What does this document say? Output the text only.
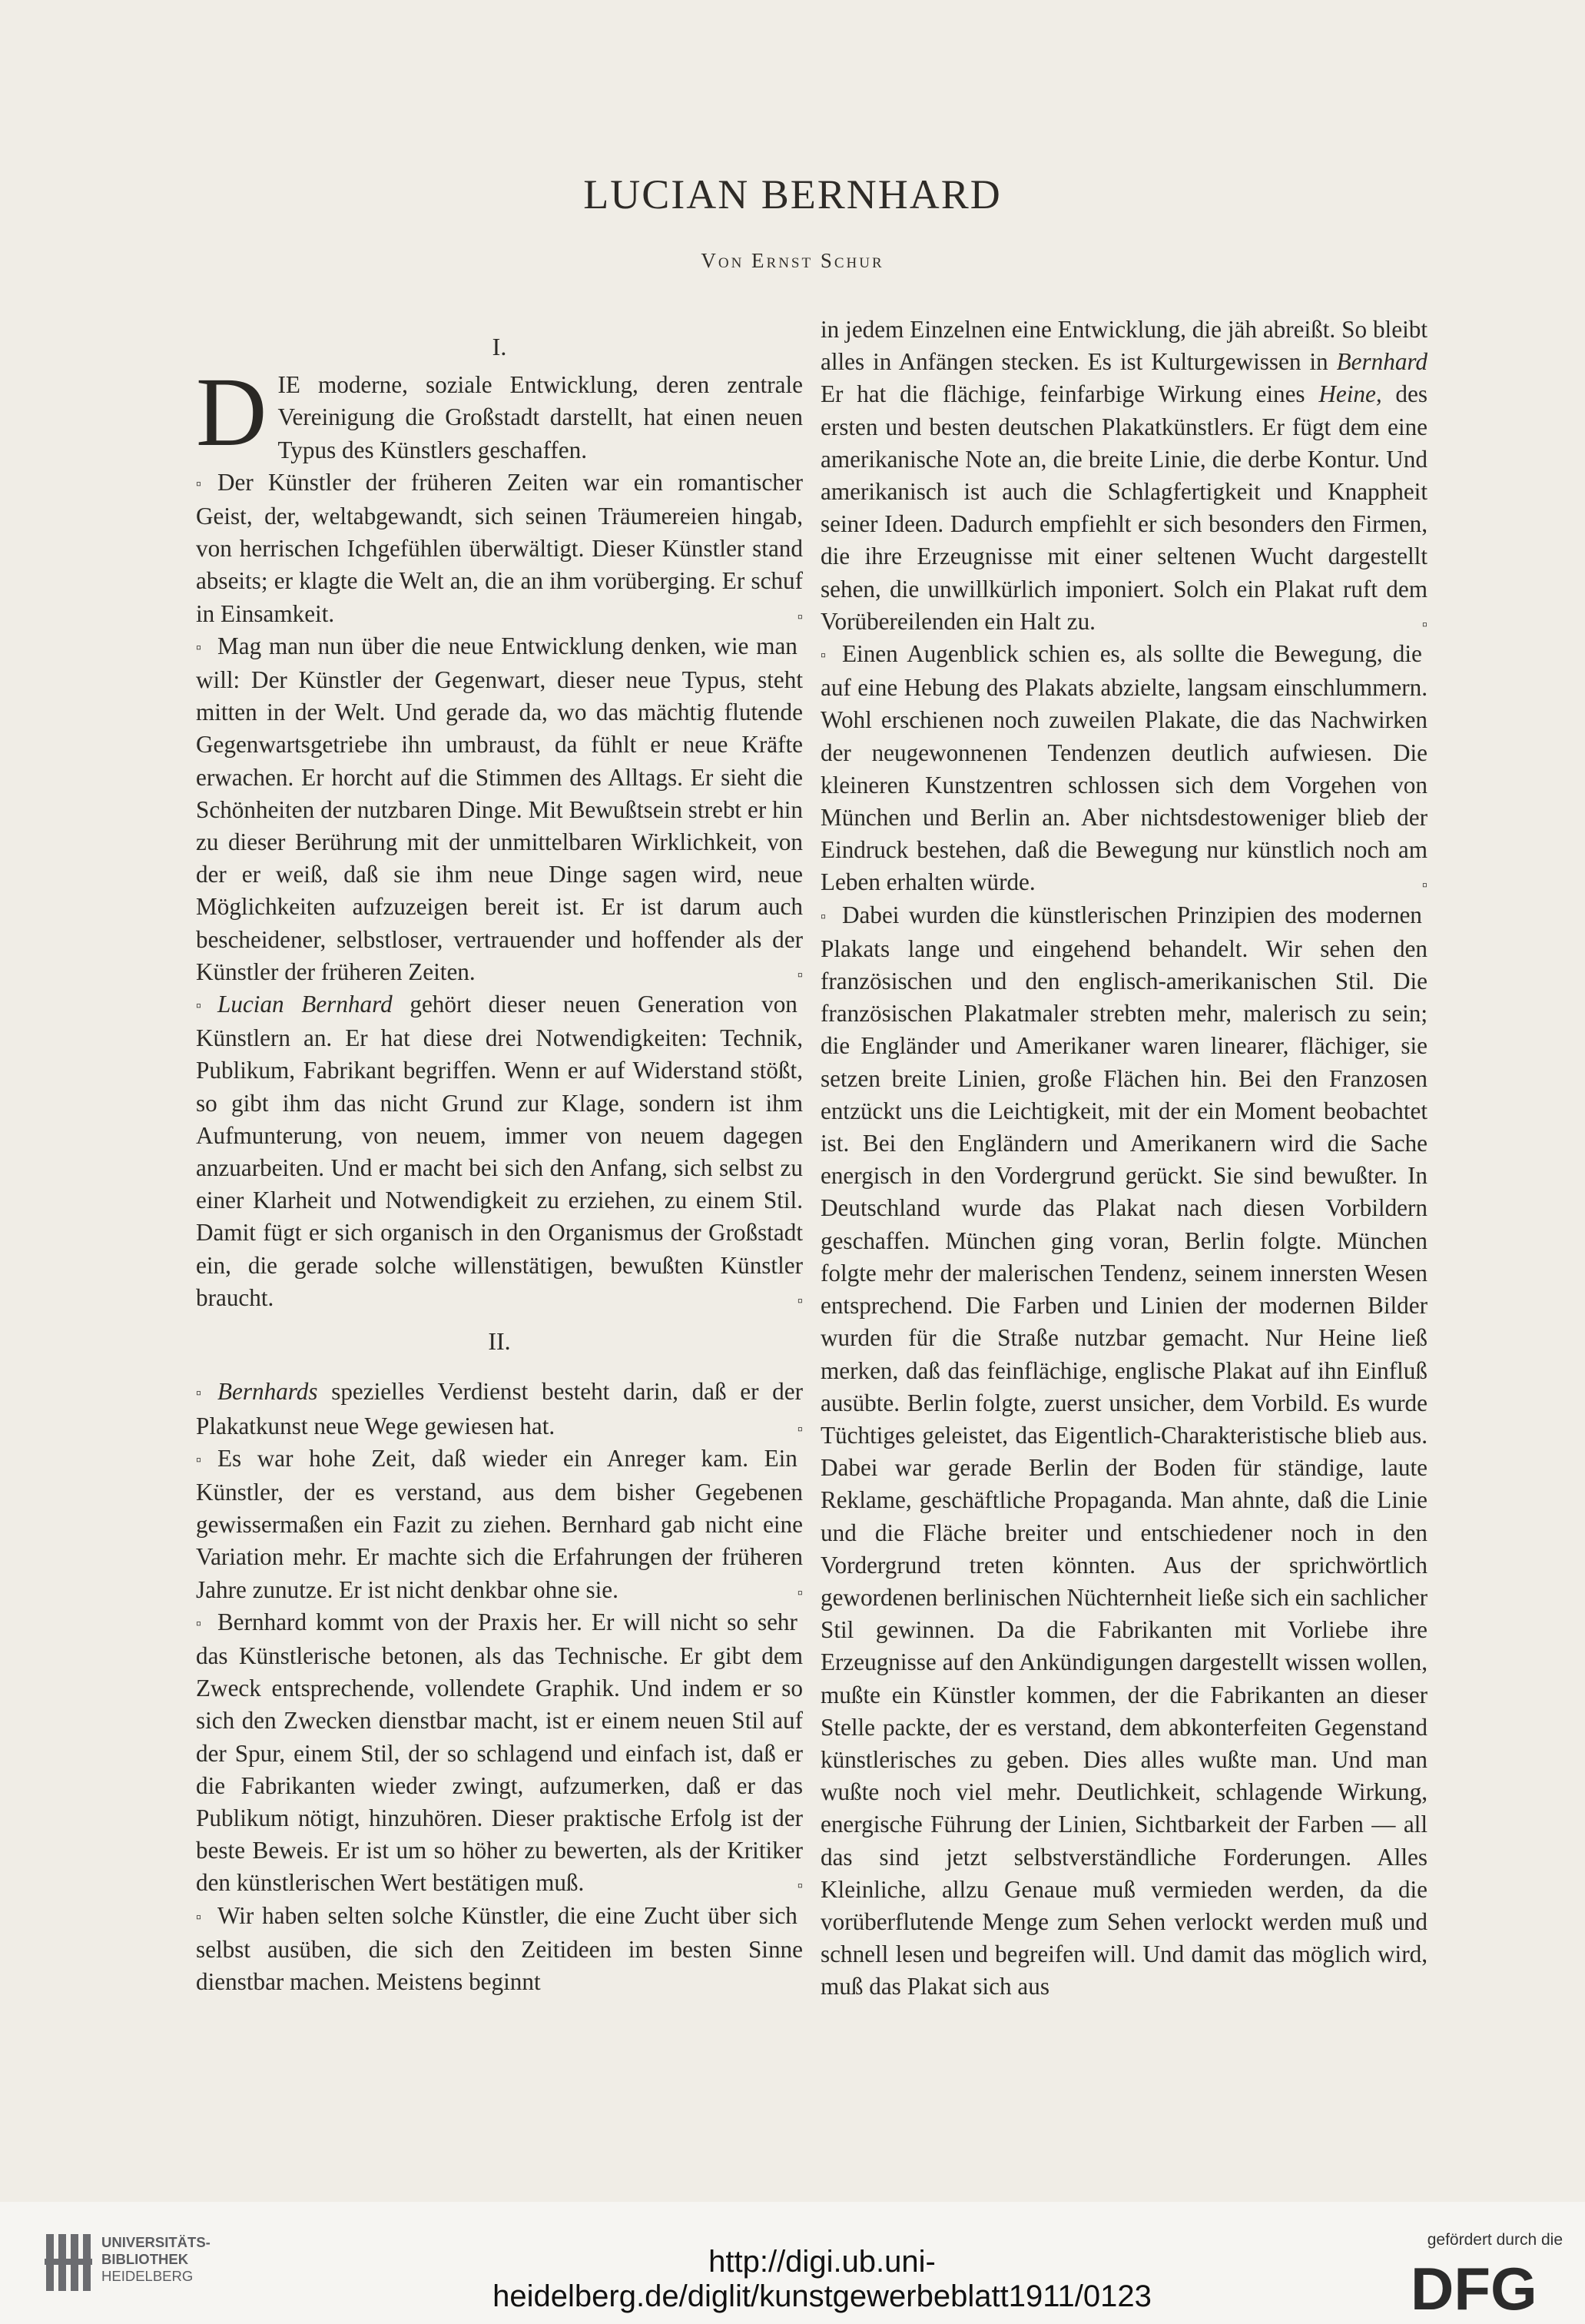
LUCIAN BERNHARD
Von Ernst Schur

I.

DIE moderne, soziale Entwicklung, deren zentrale Vereinigung die Großstadt darstellt, hat einen neuen Typus des Künstlers geschaffen.

▫ Der Künstler der früheren Zeiten war ein romantischer Geist, der, weltabgewandt, sich seinen Träumereien hingab, von herrischen Ichgefühlen überwältigt. Dieser Künstler stand abseits; er klagte die Welt an, die an ihm vorüberging. Er schuf in Einsamkeit.	▫

▫ Mag man nun über die neue Entwicklung denken, wie man will: Der Künstler der Gegenwart, dieser neue Typus, steht mitten in der Welt. Und gerade da, wo das mächtig flutende Gegenwartsgetriebe ihn umbraust, da fühlt er neue Kräfte erwachen. Er horcht auf die Stimmen des Alltags. Er sieht die Schönheiten der nutzbaren Dinge. Mit Bewußtsein strebt er hin zu dieser Berührung mit der unmittelbaren Wirklichkeit, von der er weiß, daß sie ihm neue Dinge sagen wird, neue Möglichkeiten aufzuzeigen bereit ist. Er ist darum auch bescheidener, selbstloser, vertrauender und hoffender als der Künstler der früheren Zeiten.	▫

▫ Lucian Bernhard gehört dieser neuen Generation von Künstlern an. Er hat diese drei Notwendigkeiten: Technik, Publikum, Fabrikant begriffen. Wenn er auf Widerstand stößt, so gibt ihm das nicht Grund zur Klage, sondern ist ihm Aufmunterung, von neuem, immer von neuem dagegen anzuarbeiten. Und er macht bei sich den Anfang, sich selbst zu einer Klarheit und Notwendigkeit zu erziehen, zu einem Stil. Damit fügt er sich organisch in den Organismus der Großstadt ein, die gerade solche willenstätigen, bewußten Künstler braucht.	▫

II.

▫ Bernhards spezielles Verdienst besteht darin, daß er der Plakatkunst neue Wege gewiesen hat.	▫

▫ Es war hohe Zeit, daß wieder ein Anreger kam. Ein Künstler, der es verstand, aus dem bisher Gegebenen gewissermaßen ein Fazit zu ziehen. Bernhard gab nicht eine Variation mehr. Er machte sich die Erfahrungen der früheren Jahre zunutze. Er ist nicht denkbar ohne sie.	▫

▫ Bernhard kommt von der Praxis her. Er will nicht so sehr das Künstlerische betonen, als das Technische. Er gibt dem Zweck entsprechende, vollendete Graphik. Und indem er so sich den Zwecken dienstbar macht, ist er einem neuen Stil auf der Spur, einem Stil, der so schlagend und einfach ist, daß er die Fabrikanten wieder zwingt, aufzumerken, daß er das Publikum nötigt, hinzuhören. Dieser praktische Erfolg ist der beste Beweis. Er ist um so höher zu bewerten, als der Kritiker den künstlerischen Wert bestätigen muß.	▫

▫ Wir haben selten solche Künstler, die eine Zucht über sich selbst ausüben, die sich den Zeitideen im besten Sinne dienstbar machen. Meistens beginnt

in jedem Einzelnen eine Entwicklung, die jäh abreißt. So bleibt alles in Anfängen stecken. Es ist Kulturgewissen in Bernhard Er hat die flächige, feinfarbige Wirkung eines Heine, des ersten und besten deutschen Plakatkünstlers. Er fügt dem eine amerikanische Note an, die breite Linie, die derbe Kontur. Und amerikanisch ist auch die Schlagfertigkeit und Knappheit seiner Ideen. Dadurch empfiehlt er sich besonders den Firmen, die ihre Erzeugnisse mit einer seltenen Wucht dargestellt sehen, die unwillkürlich imponiert. Solch ein Plakat ruft dem Vorübereilenden ein Halt zu.	▫

▫ Einen Augenblick schien es, als sollte die Bewegung, die auf eine Hebung des Plakats abzielte, langsam einschlummern. Wohl erschienen noch zuweilen Plakate, die das Nachwirken der neugewonnenen Tendenzen deutlich aufwiesen. Die kleineren Kunstzentren schlossen sich dem Vorgehen von München und Berlin an. Aber nichtsdestoweniger blieb der Eindruck bestehen, daß die Bewegung nur künstlich noch am Leben erhalten würde.	▫

▫ Dabei wurden die künstlerischen Prinzipien des modernen Plakats lange und eingehend behandelt. Wir sehen den französischen und den englisch-amerikanischen Stil. Die französischen Plakatmaler strebten mehr, malerisch zu sein; die Engländer und Amerikaner waren linearer, flächiger, sie setzen breite Linien, große Flächen hin. Bei den Franzosen entzückt uns die Leichtigkeit, mit der ein Moment beobachtet ist. Bei den Engländern und Amerikanern wird die Sache energisch in den Vordergrund gerückt. Sie sind bewußter. In Deutschland wurde das Plakat nach diesen Vorbildern geschaffen. München ging voran, Berlin folgte. München folgte mehr der malerischen Tendenz, seinem innersten Wesen entsprechend. Die Farben und Linien der modernen Bilder wurden für die Straße nutzbar gemacht. Nur Heine ließ merken, daß das feinflächige, englische Plakat auf ihn Einfluß ausübte. Berlin folgte, zuerst unsicher, dem Vorbild. Es wurde Tüchtiges geleistet, das Eigentlich-Charakteristische blieb aus. Dabei war gerade Berlin der Boden für ständige, laute Reklame, geschäftliche Propaganda. Man ahnte, daß die Linie und die Fläche breiter und entschiedener noch in den Vordergrund treten könnten. Aus der sprichwörtlich gewordenen berlinischen Nüchternheit ließe sich ein sachlicher Stil gewinnen. Da die Fabrikanten mit Vorliebe ihre Erzeugnisse auf den Ankündigungen dargestellt wissen wollen, mußte ein Künstler kommen, der die Fabrikanten an dieser Stelle packte, der es verstand, dem abkonterfeiten Gegenstand künstlerisches zu geben. Dies alles wußte man. Und man wußte noch viel mehr. Deutlichkeit, schlagende Wirkung, energische Führung der Linien, Sichtbarkeit der Farben — all das sind jetzt selbstverständliche Forderungen. Alles Kleinliche, allzu Genaue muß vermieden werden, da die vorüberflutende Menge zum Sehen verlockt werden muß und schnell lesen und begreifen will. Und damit das möglich wird, muß das Plakat sich aus

UNIVERSITÄTS-
BIBLIOTHEK
HEIDELBERG	http://digi.ub.uni-heidelberg.de/diglit/kunstgewerbeblatt1911/0123
gefördert durch die
DFG
